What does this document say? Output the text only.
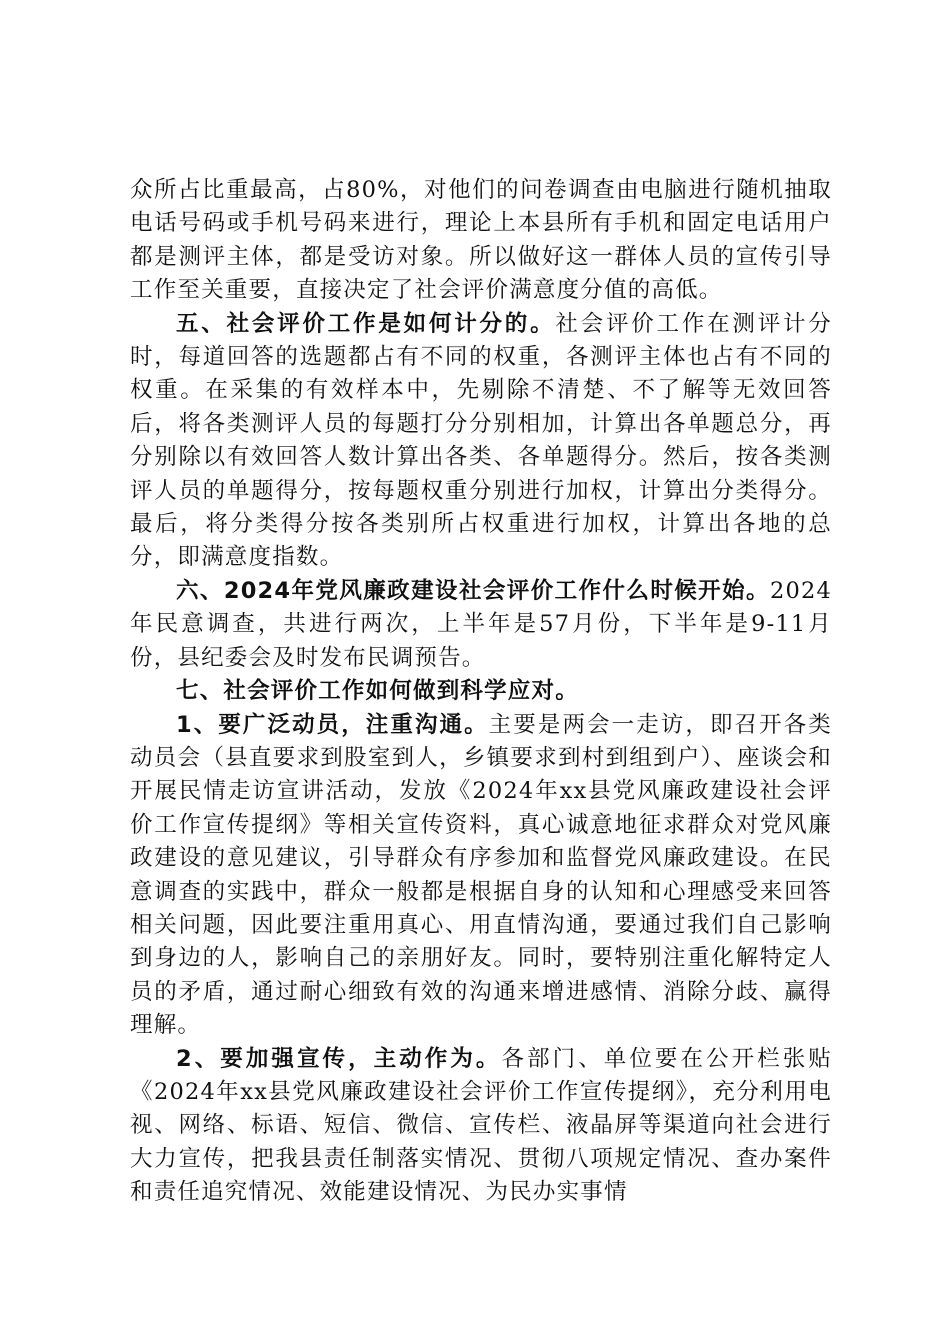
众所占比重最高，占80%，对他们的问卷调查由电脑进行随机抽取电话号码或手机号码来进行，理论上本县所有手机和固定电话用户都是测评主体，都是受访对象。所以做好这一群体人员的宣传引导工作至关重要，直接决定了社会评价满意度分值的高低。

五、社会评价工作是如何计分的。社会评价工作在测评计分时，每道回答的选题都占有不同的权重，各测评主体也占有不同的权重。在采集的有效样本中，先剔除不清楚、不了解等无效回答后，将各类测评人员的每题打分分别相加，计算出各单题总分，再分别除以有效回答人数计算出各类、各单题得分。然后，按各类测评人员的单题得分，按每题权重分别进行加权，计算出分类得分。最后，将分类得分按各类别所占权重进行加权，计算出各地的总分，即满意度指数。

六、2024年党风廉政建设社会评价工作什么时候开始。2024年民意调查，共进行两次，上半年是57月份，下半年是9-11月份，县纪委会及时发布民调预告。

七、社会评价工作如何做到科学应对。

1、要广泛动员，注重沟通。主要是两会一走访，即召开各类动员会（县直要求到股室到人，乡镇要求到村到组到户）、座谈会和开展民情走访宣讲活动，发放《2024年xx县党风廉政建设社会评价工作宣传提纲》等相关宣传资料，真心诚意地征求群众对党风廉政建设的意见建议，引导群众有序参加和监督党风廉政建设。在民意调查的实践中，群众一般都是根据自身的认知和心理感受来回答相关问题，因此要注重用真心、用直情沟通，要通过我们自己影响到身边的人，影响自己的亲朋好友。同时，要特别注重化解特定人员的矛盾，通过耐心细致有效的沟通来增进感情、消除分歧、赢得理解。

2、要加强宣传，主动作为。各部门、单位要在公开栏张贴《2024年xx县党风廉政建设社会评价工作宣传提纲》，充分利用电视、网络、标语、短信、微信、宣传栏、液晶屏等渠道向社会进行大力宣传，把我县责任制落实情况、贯彻八项规定情况、查办案件和责任追究情况、效能建设情况、为民办实事情
